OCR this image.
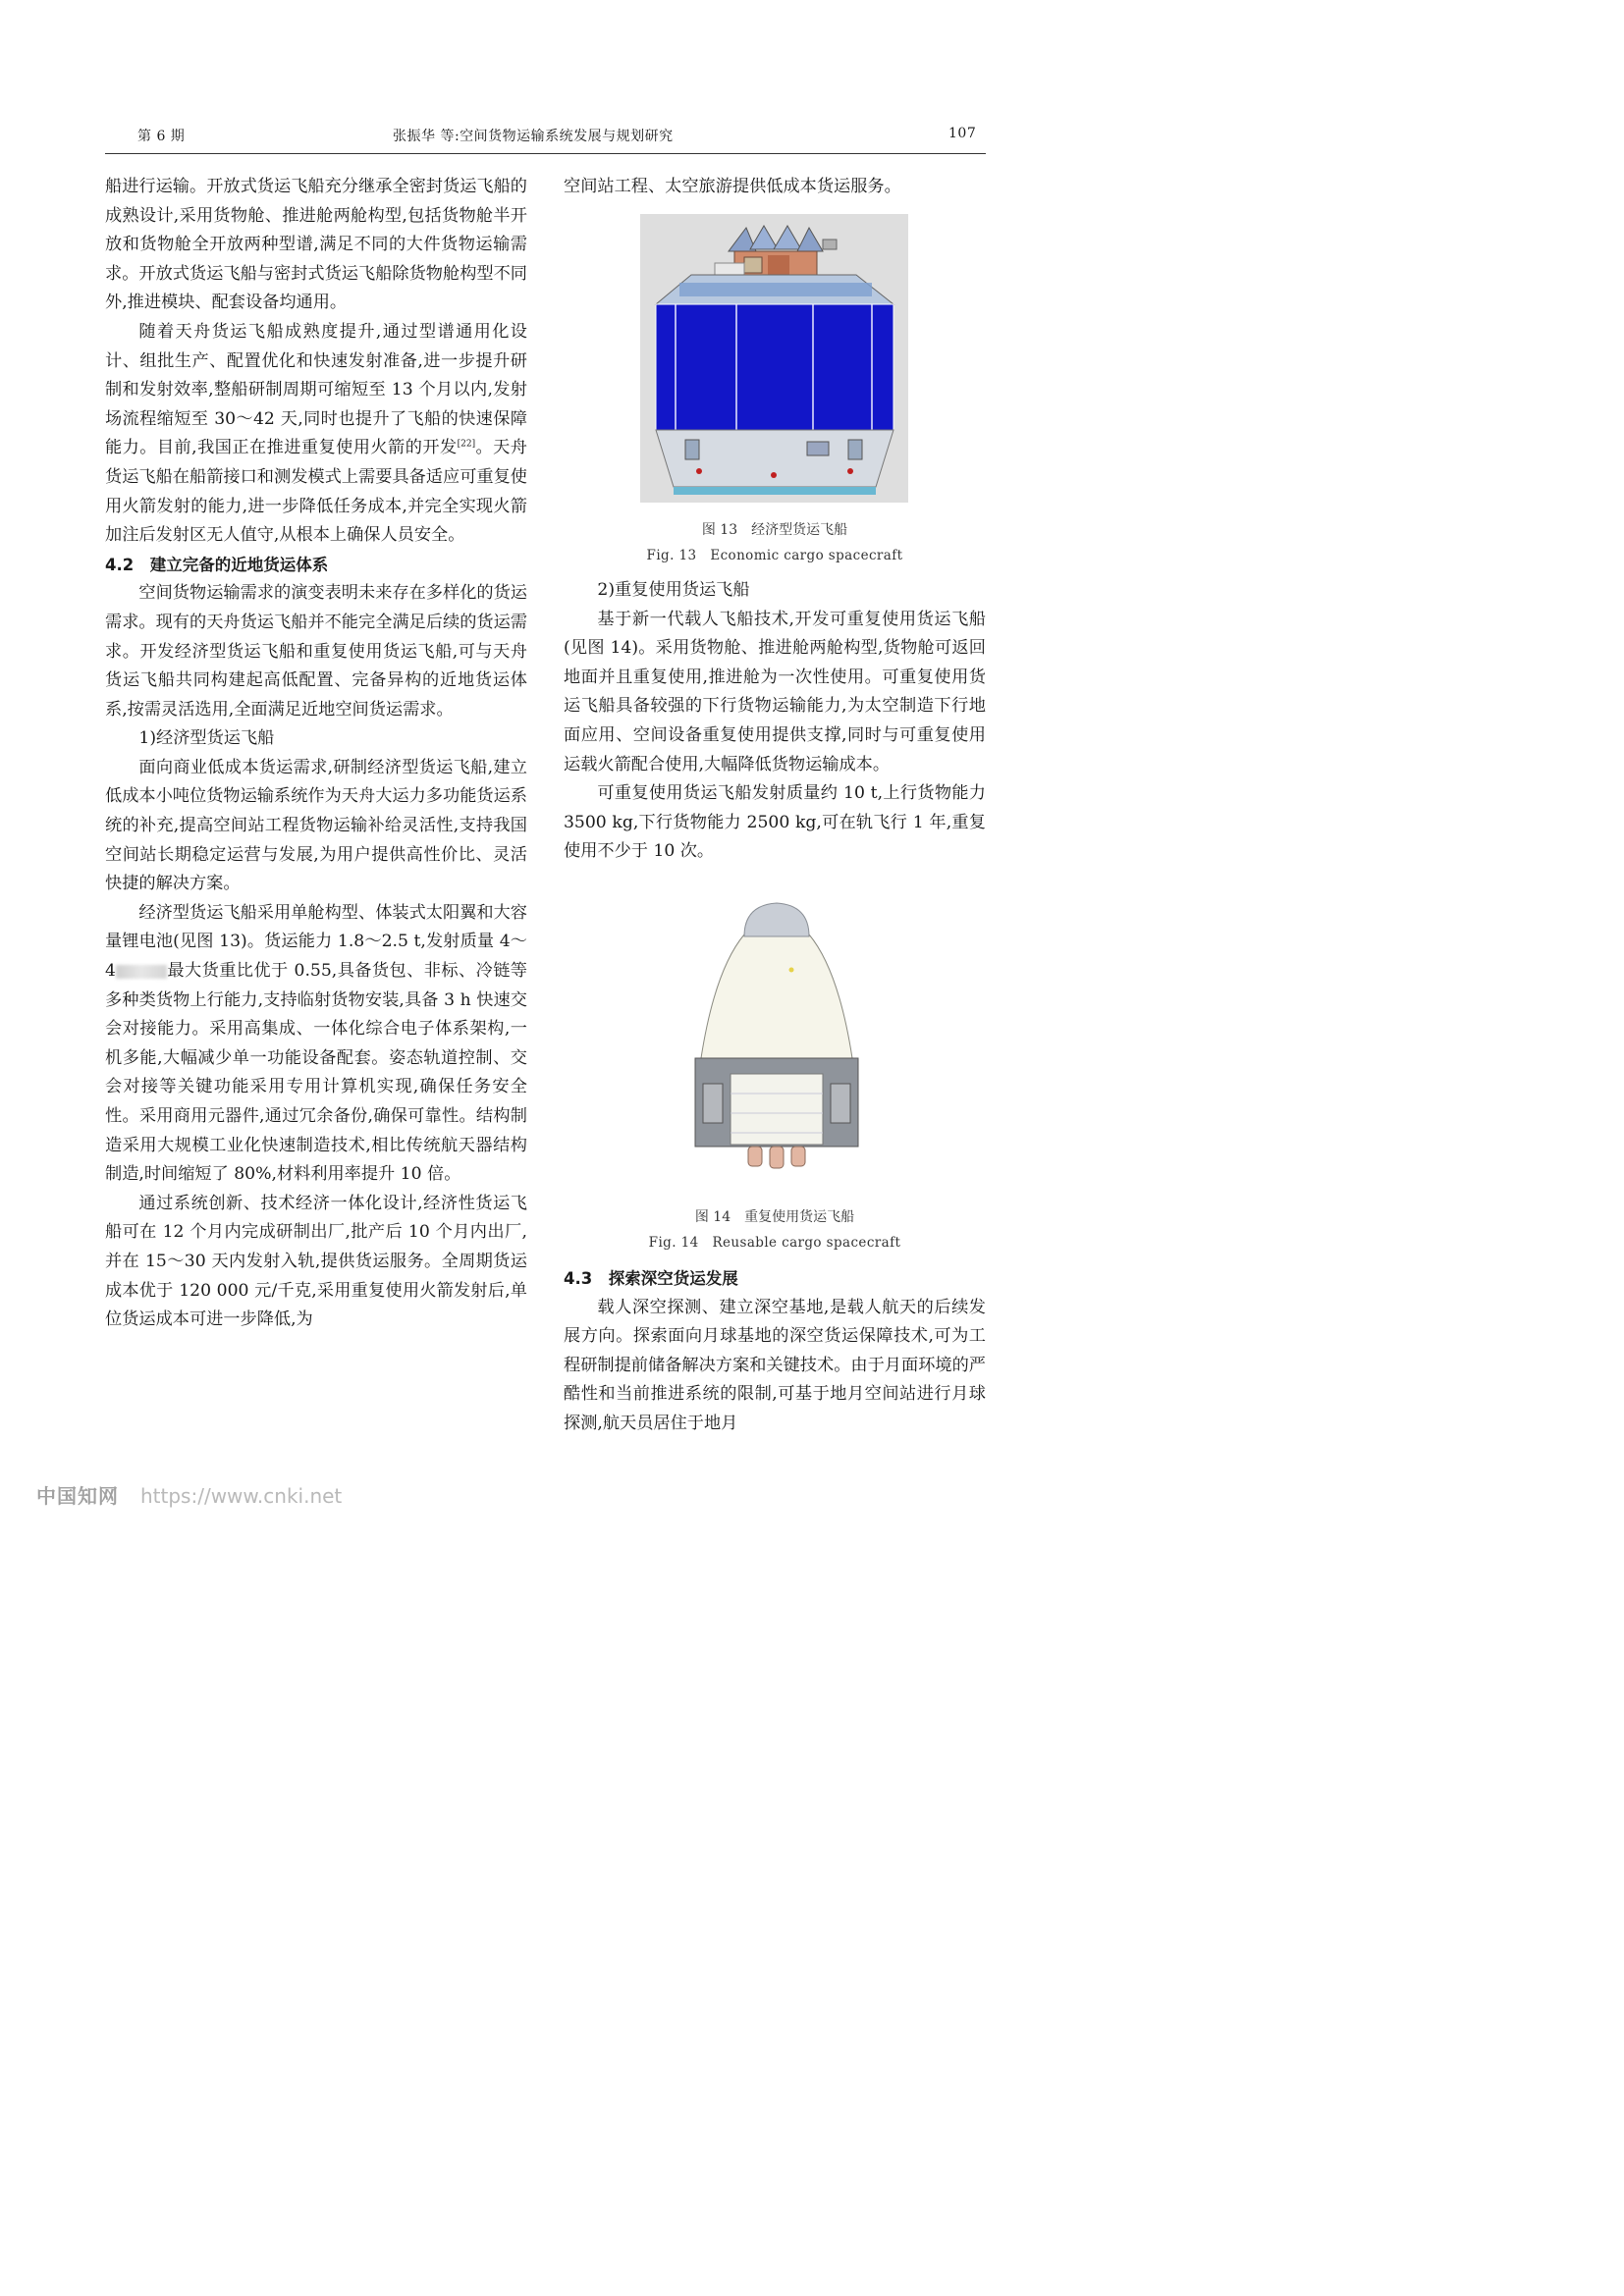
第 6 期	张振华 等:空间货物运输系统发展与规划研究	107

船进行运输。开放式货运飞船充分继承全密封货运飞船的成熟设计,采用货物舱、推进舱两舱构型,包括货物舱半开放和货物舱全开放两种型谱,满足不同的大件货物运输需求。开放式货运飞船与密封式货运飞船除货物舱构型不同外,推进模块、配套设备均通用。

随着天舟货运飞船成熟度提升,通过型谱通用化设计、组批生产、配置优化和快速发射准备,进一步提升研制和发射效率,整船研制周期可缩短至 13 个月以内,发射场流程缩短至 30～42 天,同时也提升了飞船的快速保障能力。目前,我国正在推进重复使用火箭的开发[22]。天舟货运飞船在船箭接口和测发模式上需要具备适应可重复使用火箭发射的能力,进一步降低任务成本,并完全实现火箭加注后发射区无人值守,从根本上确保人员安全。

4.2　建立完备的近地货运体系

空间货物运输需求的演变表明未来存在多样化的货运需求。现有的天舟货运飞船并不能完全满足后续的货运需求。开发经济型货运飞船和重复使用货运飞船,可与天舟货运飞船共同构建起高低配置、完备异构的近地货运体系,按需灵活选用,全面满足近地空间货运需求。

1)经济型货运飞船

面向商业低成本货运需求,研制经济型货运飞船,建立低成本小吨位货物运输系统作为天舟大运力多功能货运系统的补充,提高空间站工程货物运输补给灵活性,支持我国空间站长期稳定运营与发展,为用户提供高性价比、灵活快捷的解决方案。

经济型货运飞船采用单舱构型、体装式太阳翼和大容量锂电池(见图 13)。货运能力 1.8～2.5 t,发射质量 4～4	最大货重比优于 0.55,具备货包、非标、冷链等多种类货物上行能力,支持临射货物安装,具备 3 h 快速交会对接能力。采用高集成、一体化综合电子体系架构,一机多能,大幅减少单一功能设备配套。姿态轨道控制、交会对接等关键功能采用专用计算机实现,确保任务安全性。采用商用元器件,通过冗余备份,确保可靠性。结构制造采用大规模工业化快速制造技术,相比传统航天器结构制造,时间缩短了 80%,材料利用率提升 10 倍。

通过系统创新、技术经济一体化设计,经济性货运飞船可在 12 个月内完成研制出厂,批产后 10 个月内出厂,并在 15～30 天内发射入轨,提供货运服务。全周期货运成本优于 120 000 元/千克,采用重复使用火箭发射后,单位货运成本可进一步降低,为

空间站工程、太空旅游提供低成本货运服务。

图 13　经济型货运飞船
Fig. 13　Economic cargo spacecraft

2)重复使用货运飞船

基于新一代载人飞船技术,开发可重复使用货运飞船(见图 14)。采用货物舱、推进舱两舱构型,货物舱可返回地面并且重复使用,推进舱为一次性使用。可重复使用货运飞船具备较强的下行货物运输能力,为太空制造下行地面应用、空间设备重复使用提供支撑,同时与可重复使用运载火箭配合使用,大幅降低货物运输成本。

可重复使用货运飞船发射质量约 10 t,上行货物能力 3500 kg,下行货物能力 2500 kg,可在轨飞行 1 年,重复使用不少于 10 次。

图 14　重复使用货运飞船
Fig. 14　Reusable cargo spacecraft

4.3　探索深空货运发展

载人深空探测、建立深空基地,是载人航天的后续发展方向。探索面向月球基地的深空货运保障技术,可为工程研制提前储备解决方案和关键技术。由于月面环境的严酷性和当前推进系统的限制,可基于地月空间站进行月球探测,航天员居住于地月

中国知网 https://www.cnki.net
